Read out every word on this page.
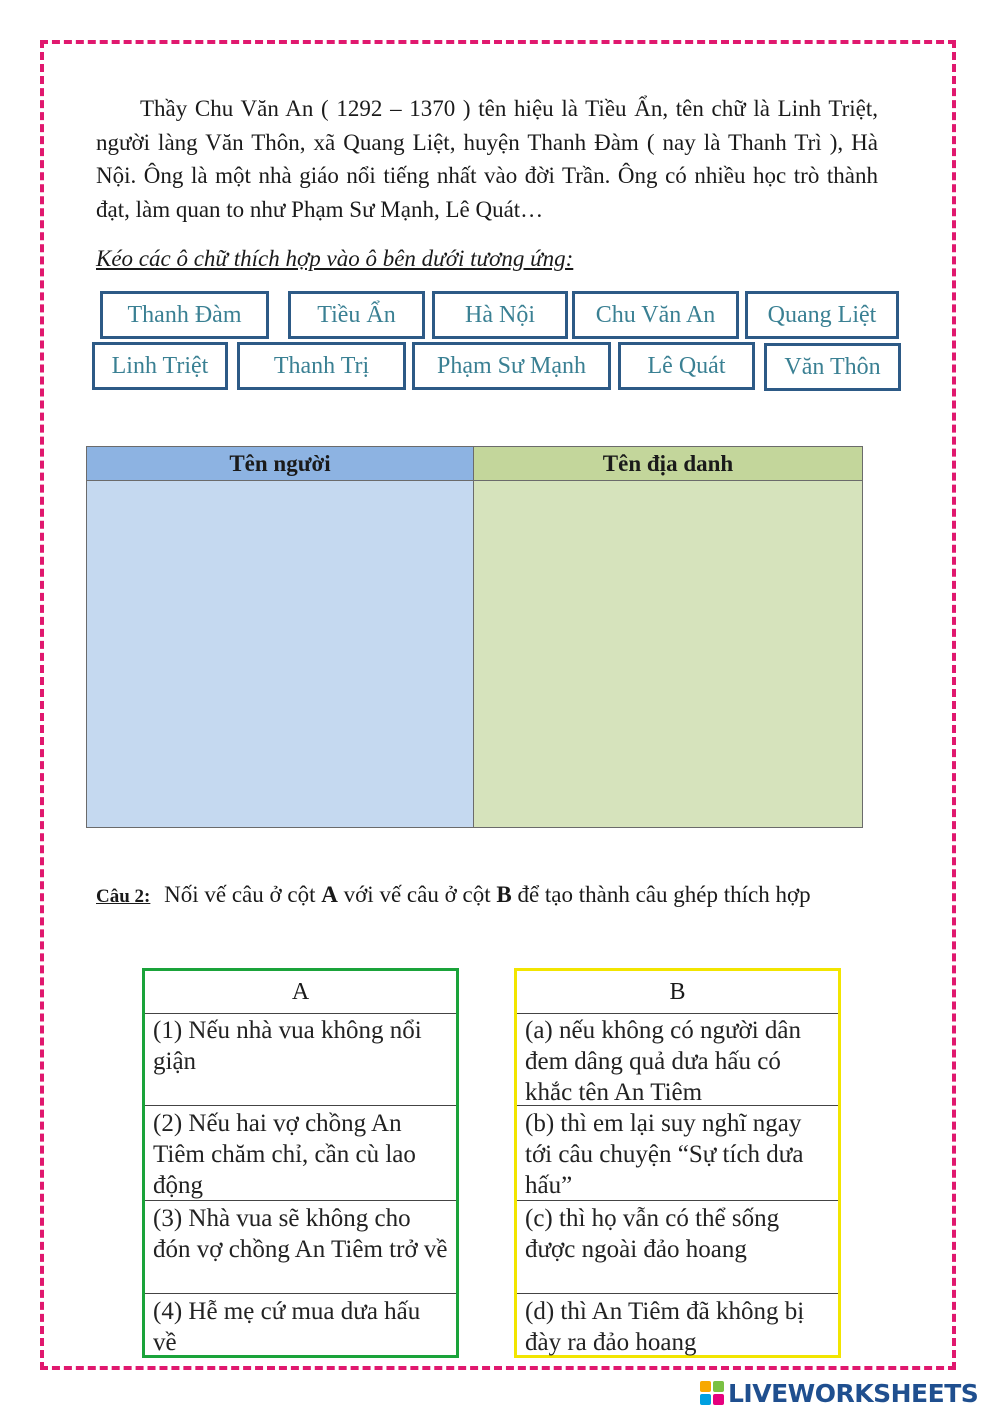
Thầy Chu Văn An ( 1292 – 1370 ) tên hiệu là Tiều Ẩn, tên chữ là Linh Triệt, người làng Văn Thôn, xã Quang Liệt, huyện Thanh Đàm ( nay là Thanh Trì ), Hà Nội. Ông là một nhà giáo nổi tiếng nhất vào đời Trần. Ông có nhiều học trò thành đạt, làm quan to như Phạm Sư Mạnh, Lê Quát…

Kéo các ô chữ thích hợp vào ô bên dưới tương ứng:

Thanh Đàm	Tiều Ẩn	Hà Nội	Chu Văn An	Quang Liệt
Linh Triệt	Thanh Trị	Phạm Sư Mạnh	Lê Quát	Văn Thôn
Tên người	Tên địa danh

Câu 2: Nối vế câu ở cột A với vế câu ở cột B để tạo thành câu ghép thích hợp

A
(1) Nếu nhà vua không nổi giận
(2) Nếu hai vợ chồng An Tiêm chăm chỉ, cần cù lao động
(3) Nhà vua sẽ không cho đón vợ chồng An Tiêm trở về
(4) Hễ mẹ cứ mua dưa hấu về
B
(a) nếu không có người dân đem dâng quả dưa hấu có khắc tên An Tiêm
(b) thì em lại suy nghĩ ngay tới câu chuyện “Sự tích dưa hấu”
(c) thì họ vẫn có thể sống được ngoài đảo hoang
(d) thì An Tiêm đã không bị đày ra đảo hoang
LIVEWORKSHEETS
